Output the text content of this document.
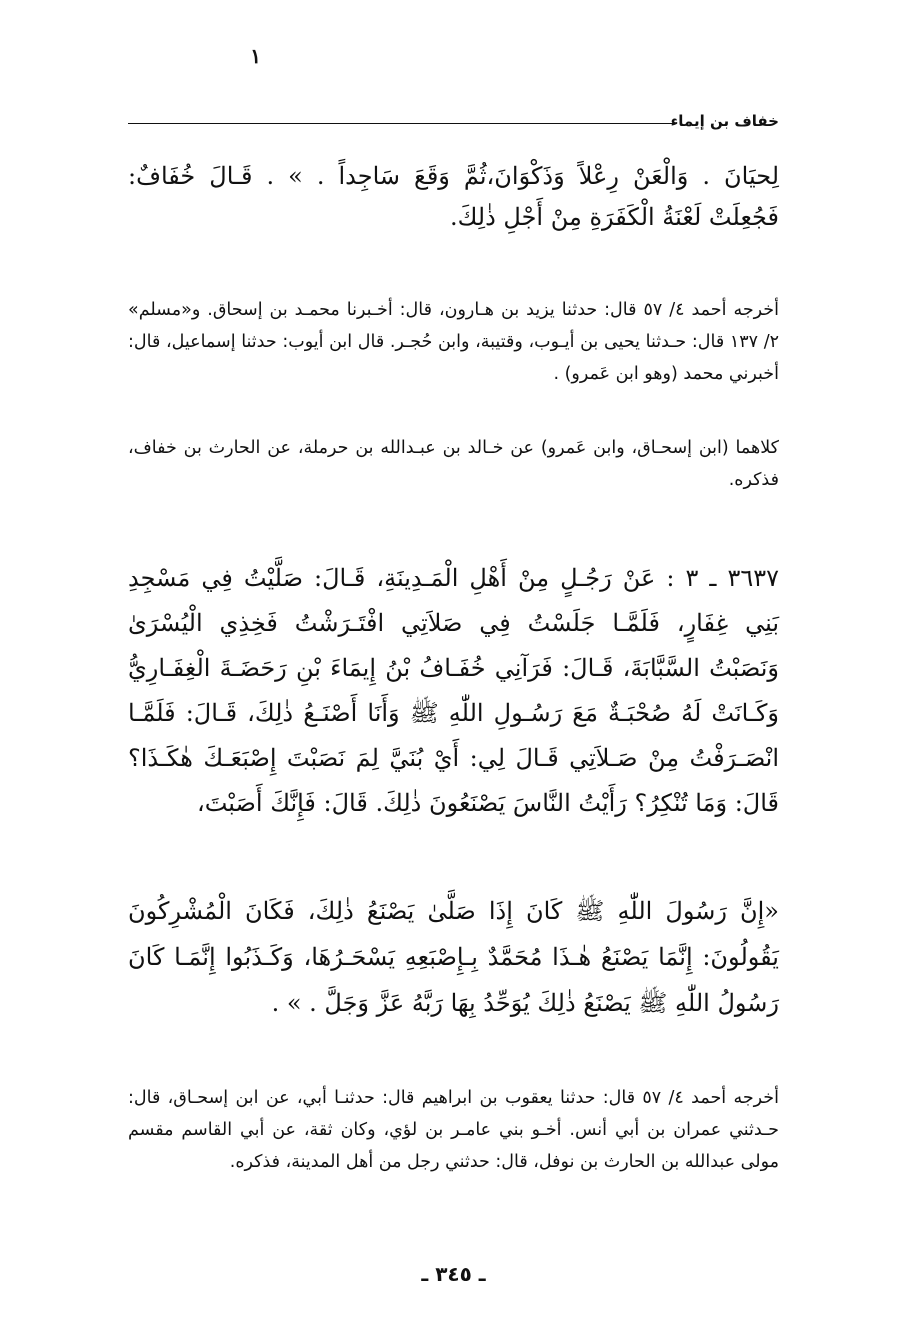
١
خفاف بن إيماء

لِحيَانَ . وَالْعَنْ رِعْلاً وَذَكْوَانَ،ثُمَّ وَقَعَ سَاجِداً . » . قَـالَ خُفَافٌ: فَجُعِلَتْ لَعْنَةُ الْكَفَرَةِ مِنْ أَجْلِ ذٰلِكَ.

أخرجه أحمد ٤/ ٥٧ قال: حدثنا يزيد بن هـارون، قال: أخـبرنا محمـد بن إسحاق. و«مسلم» ٢/ ١٣٧ قال: حـدثنا يحيى بن أيـوب، وقتيبة، وابن حُجـر. قال ابن أيوب: حدثنا إسماعيل، قال: أخبرني محمد (وهو ابن عَمرو) .

كلاهما (ابن إسحـاق، وابن عَمرو) عن خـالد بن عبـدالله بن حرملة، عن الحارث بن خفاف، فذكره.

٣٦٣٧ ـ ٣ : عَنْ رَجُـلٍ مِنْ أَهْلِ الْمَـدِينَةِ، قَـالَ: صَلَّيْتُ فِي مَسْجِدِ بَنِي غِفَارٍ، فَلَمَّـا جَلَسْتُ فِي صَلاَتِي افْتَـرَشْتُ فَخِذِي الْيُسْرَىٰ وَنَصَبْتُ السَّبَّابَةَ، قَـالَ: فَرَآنِي خُفَـافُ بْنُ إِيمَاءَ بْنِ رَحَضَـةَ الْغِفَـارِيُّ وَكَـانَتْ لَهُ صُحْبَـةٌ مَعَ رَسُـولِ اللّٰهِ ﷺ وَأَنَا أَصْنَـعُ ذٰلِكَ، قَـالَ: فَلَمَّـا انْصَـرَفْتُ مِنْ صَـلاَتِي قَـالَ لِي: أَيْ بُنَيَّ لِمَ نَصَبْتَ إِصْبَعَـكَ هٰكَـذَا؟ قَالَ: وَمَا تُنْكِرُ؟ رَأَيْتُ النَّاسَ يَصْنَعُونَ ذٰلِكَ. قَالَ: فَإِنَّكَ أَصَبْتَ،

«إِنَّ رَسُولَ اللّٰهِ ﷺ كَانَ إِذَا صَلَّىٰ يَصْنَعُ ذٰلِكَ، فَكَانَ الْمُشْرِكُونَ يَقُولُونَ: إِنَّمَا يَصْنَعُ هٰـذَا مُحَمَّدٌ بِـإِصْبَعِهِ يَسْحَـرُهَا، وَكَـذَبُوا إِنَّمَـا كَانَ رَسُولُ اللّٰهِ ﷺ يَصْنَعُ ذٰلِكَ يُوَحِّدُ بِهَا رَبَّهُ عَزَّ وَجَلَّ . » .

أخرجه أحمد ٤/ ٥٧ قال: حدثنا يعقوب بن ابراهيم قال: حدثنـا أبي، عن ابن إسحـاق، قال: حـدثني عمران بن أبي أنس. أخـو بني عامـر بن لؤي، وكان ثقة، عن أبي القاسم مقسم مولى عبدالله بن الحارث بن نوفل، قال: حدثني رجل من أهل المدينة، فذكره.

ـ ٣٤٥ ـ
